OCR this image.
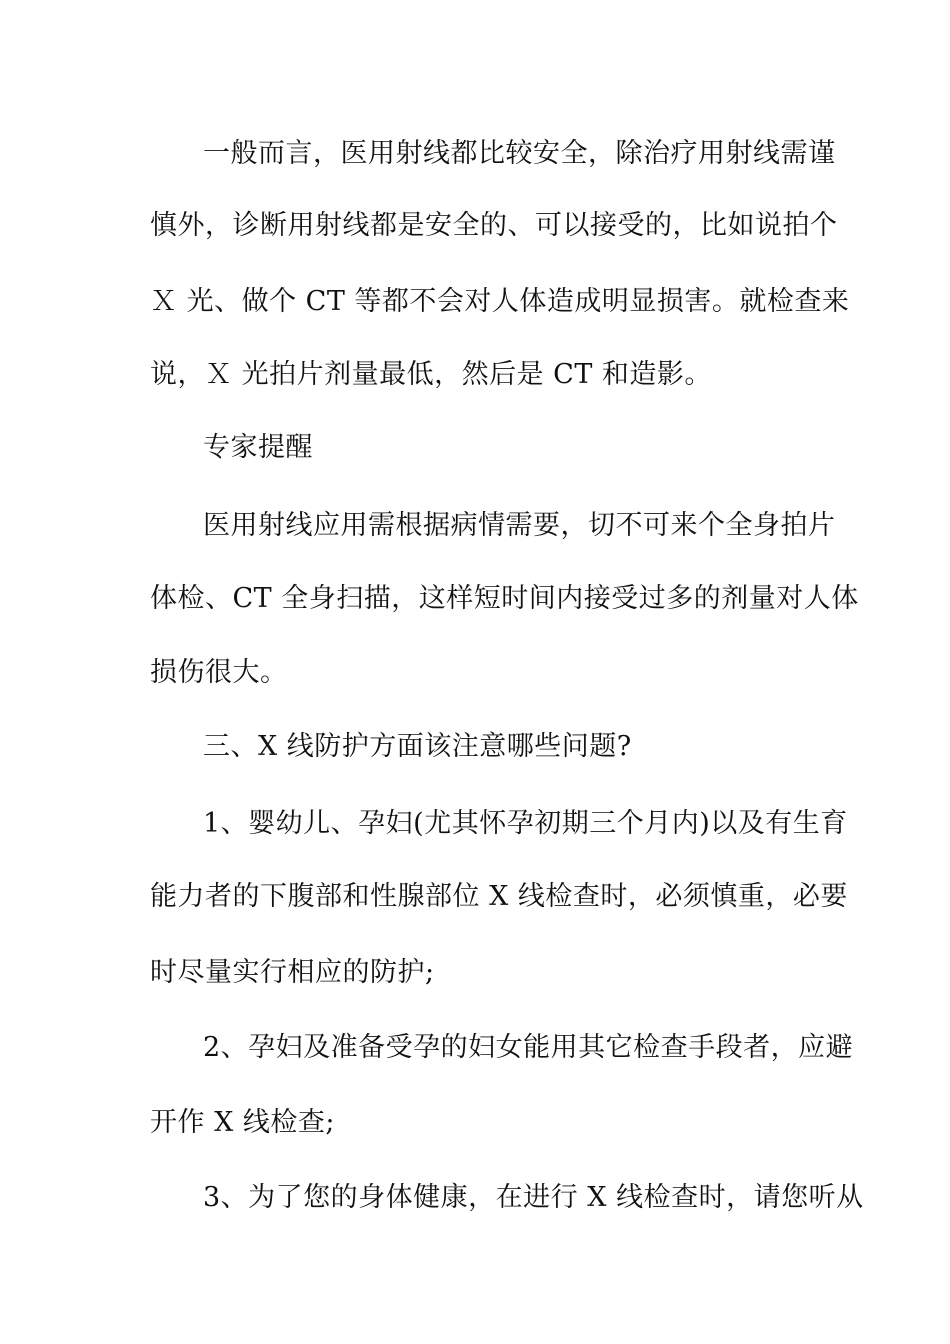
一般而言，医用射线都比较安全，除治疗用射线需谨
慎外，诊断用射线都是安全的、可以接受的，比如说拍个
Ｘ 光、做个 CT 等都不会对人体造成明显损害。就检查来
说，Ｘ 光拍片剂量最低，然后是 CT 和造影。
专家提醒
医用射线应用需根据病情需要，切不可来个全身拍片
体检、CT 全身扫描，这样短时间内接受过多的剂量对人体
损伤很大。
三、X 线防护方面该注意哪些问题?
1、婴幼儿、孕妇(尤其怀孕初期三个月内)以及有生育
能力者的下腹部和性腺部位 X 线检查时，必须慎重，必要
时尽量实行相应的防护;
2、孕妇及准备受孕的妇女能用其它检查手段者，应避
开作 X 线检查;
3、为了您的身体健康，在进行 X 线检查时，请您听从
